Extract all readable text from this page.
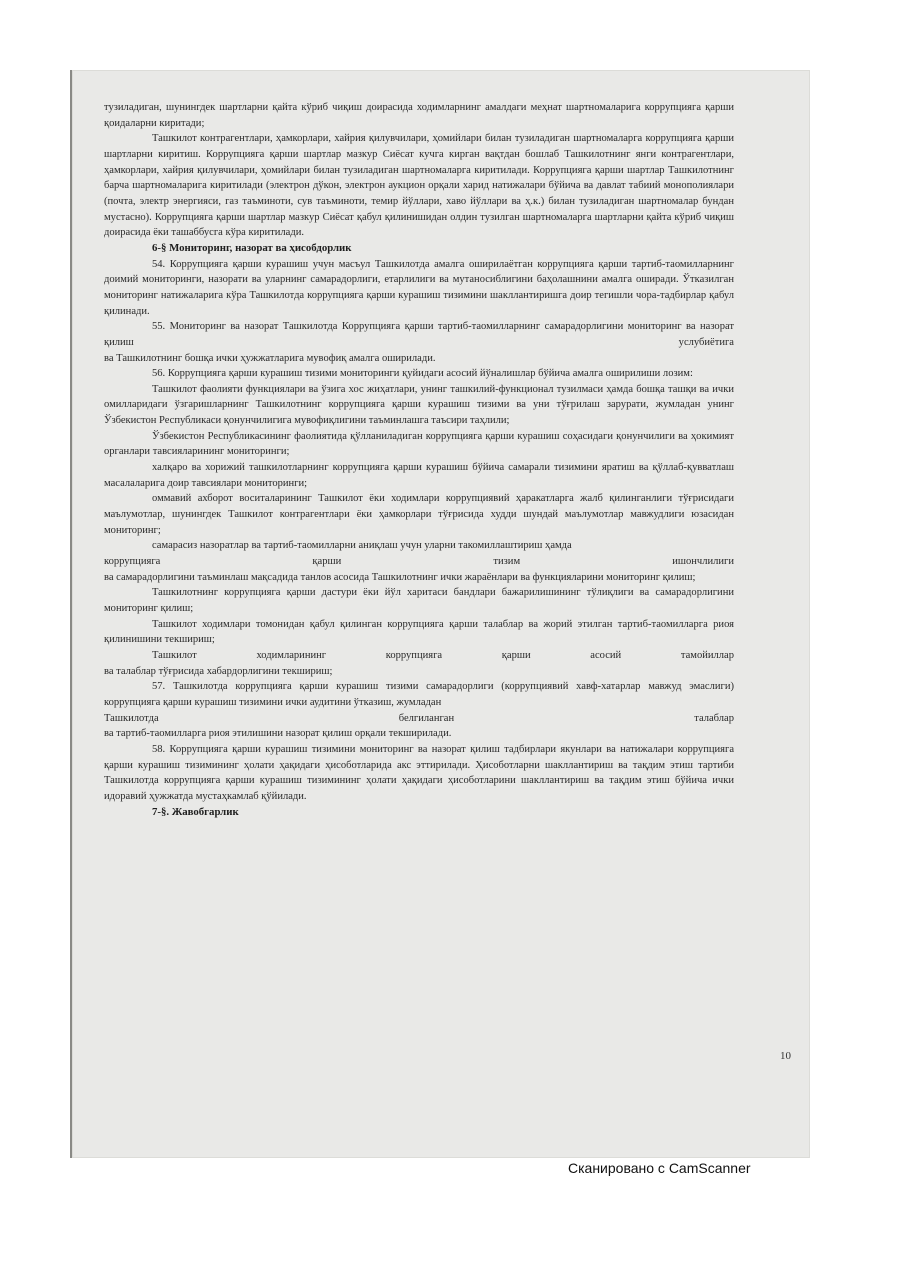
тузиладиган, шунингдек шартларни қайта кўриб чиқиш доирасида ходимларнинг амалдаги меҳнат шартномаларига коррупцияга қарши қоидаларни киритади;

Ташкилот контрагентлари, ҳамкорлари, хайрия қилувчилари, ҳомийлари билан тузиладиган шартномаларга коррупцияга қарши шартларни киритиш. Коррупцияга қарши шартлар мазкур Сиёсат кучга кирган вақтдан бошлаб Ташкилотнинг янги контрагентлари, ҳамкорлари, хайрия қилувчилари, ҳомийлари билан тузиладиган шартномаларга киритилади. Коррупцияга қарши шартлар Ташкилотнинг барча шартномаларига киритилади (электрон дўкон, электрон аукцион орқали харид натижалари бўйича ва давлат табиий монополиялари (почта, электр энергияси, газ таъминоти, сув таъминоти, темир йўллари, хаво йўллари ва ҳ.к.) билан тузиладиган шартномалар бундан мустасно). Коррупцияга қарши шартлар мазкур Сиёсат қабул қилинишидан олдин тузилган шартномаларга шартларни қайта кўриб чиқиш доирасида ёки ташаббусга кўра киритилади.

6-§ Мониторинг, назорат ва ҳисобдорлик

54. Коррупцияга қарши курашиш учун масъул Ташкилотда амалга оширилаётган коррупцияга қарши тартиб-таомилларнинг доимий мониторинги, назорати ва уларнинг самарадорлиги, етарлилиги ва мутаносиблигини баҳолашнини амалга оширади. Ўтказилган мониторинг натижаларига кўра Ташкилотда коррупцияга қарши курашиш тизимини шакллантиришга доир тегишли чора-тадбирлар қабул қилинади.

55. Мониторинг ва назорат Ташкилотда Коррупцияга қарши тартиб-таомилларнинг самарадорлигини мониторинг ва назорат қилиш услубиётига

ва Ташкилотнинг бошқа ички ҳужжатларига мувофиқ амалга оширилади.

56. Коррупцияга қарши курашиш тизими мониторинги қуйидаги асосий йўналишлар бўйича амалга оширилиши лозим:

Ташкилот фаолияти функциялари ва ўзига хос жиҳатлари, унинг ташкилий-функционал тузилмаси ҳамда бошқа ташқи ва ички омилларидаги ўзгаришларнинг Ташкилотнинг коррупцияга қарши курашиш тизими ва уни тўғрилаш зарурати, жумладан унинг Ўзбекистон Республикаси қонунчилигига мувофиқлигини таъминлашга таъсири таҳлили;

Ўзбекистон Республикасининг фаолиятида қўлланиладиган коррупцияга қарши курашиш соҳасидаги қонунчилиги ва ҳокимият органлари тавсияларининг мониторинги;

халқаро ва хорижий ташкилотларнинг коррупцияга қарши курашиш бўйича самарали тизимини яратиш ва қўллаб-қувватлаш масалаларига доир тавсиялари мониторинги;

оммавий ахборот воситаларининг Ташкилот ёки ходимлари коррупциявий ҳаракатларга жалб қилинганлиги тўғрисидаги маълумотлар, шунингдек Ташкилот контрагентлари ёки ҳамкорлари тўғрисида худди шундай маълумотлар мавжудлиги юзасидан мониторинг;

самарасиз назоратлар ва тартиб-таомилларни аниқлаш учун уларни такомиллаштириш ҳамда

коррупцияга қарши тизим ишончлилиги

ва самарадорлигини таъминлаш мақсадида танлов асосида Ташкилотнинг ички жараёнлари ва функцияларини мониторинг қилиш;

Ташкилотнинг коррупцияга қарши дастури ёки йўл харитаси бандлари бажарилишининг тўлиқлиги ва самарадорлигини мониторинг қилиш;

Ташкилот ходимлари томонидан қабул қилинган коррупцияга қарши талаблар ва жорий этилган тартиб-таомилларга риоя қилинишини текшириш;

Ташкилот ходимларининг коррупцияга қарши асосий тамойиллар

ва талаблар тўғрисида хабардорлигини текшириш;

57. Ташкилотда коррупцияга қарши курашиш тизими самарадорлиги (коррупциявий хавф-хатарлар мавжуд эмаслиги) коррупцияга қарши курашиш тизимини ички аудитини ўтказиш, жумладан

Ташкилотда белгиланган талаблар

ва тартиб-таомилларга риоя этилишини назорат қилиш орқали текширилади.

58. Коррупцияга қарши курашиш тизимини мониторинг ва назорат қилиш тадбирлари якунлари ва натижалари коррупцияга қарши курашиш тизимининг ҳолати ҳақидаги ҳисоботларида акс эттирилади. Ҳисоботларни шакллантириш ва тақдим этиш тартиби Ташкилотда коррупцияга қарши курашиш тизимининг ҳолати ҳақидаги ҳисоботларини шакллантириш ва тақдим этиш бўйича ички идоравий ҳужжатда мустаҳкамлаб қўйилади.

7-§. Жавобгарлик
10
Сканировано с CamScanner
